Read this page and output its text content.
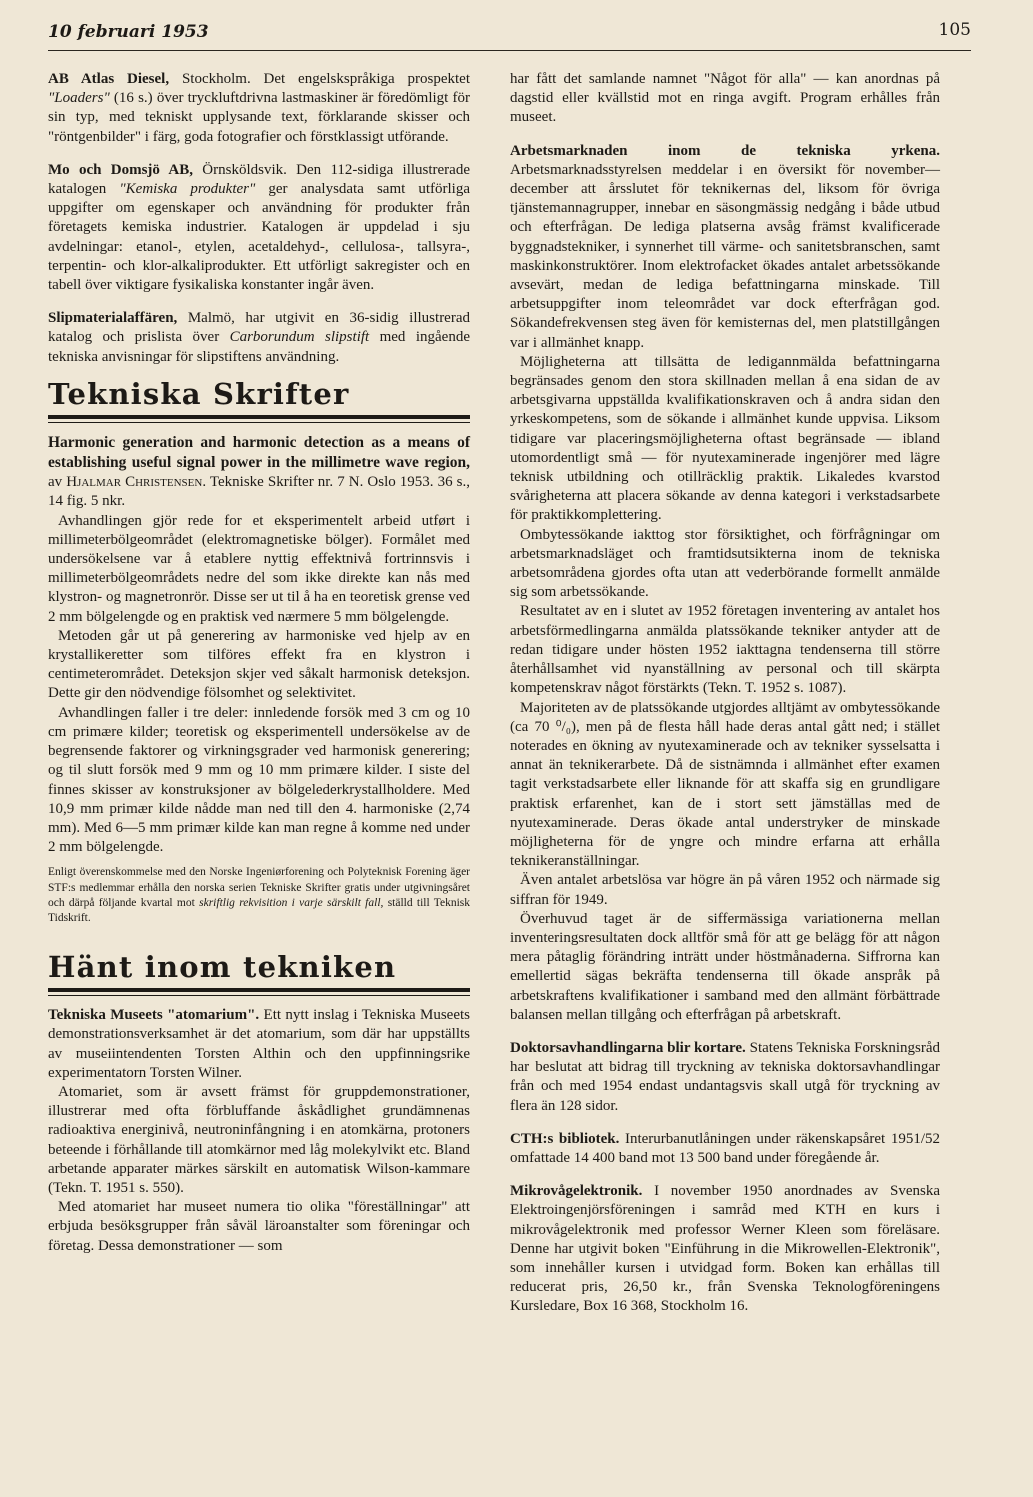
10 februari 1953	105

AB Atlas Diesel, Stockholm. Det engelskspråkiga prospektet "Loaders" (16 s.) över tryckluftdrivna lastmaskiner är föredömligt för sin typ, med tekniskt upplysande text, förklarande skisser och "röntgenbilder" i färg, goda fotografier och förstklassigt utförande.

Mo och Domsjö AB, Örnsköldsvik. Den 112-sidiga illustrerade katalogen "Kemiska produkter" ger analysdata samt utförliga uppgifter om egenskaper och användning för produkter från företagets kemiska industrier. Katalogen är uppdelad i sju avdelningar: etanol-, etylen, acetaldehyd-, cellulosa-, tallsyra-, terpentin- och klor-alkaliprodukter. Ett utförligt sakregister och en tabell över viktigare fysikaliska konstanter ingår även.

Slipmaterialaffären, Malmö, har utgivit en 36-sidig illustrerad katalog och prislista över Carborundum slipstift med ingående tekniska anvisningar för slipstiftens användning.

Tekniska Skrifter

Harmonic generation and harmonic detection as a means of establishing useful signal power in the millimetre wave region, av Hjalmar Christensen. Tekniske Skrifter nr. 7 N. Oslo 1953. 36 s., 14 fig. 5 nkr.

Avhandlingen gjör rede for et eksperimentelt arbeid utført i millimeterbölgeområdet (elektromagnetiske bölger). Formålet med undersökelsene var å etablere nyttig effektnivå fortrinnsvis i millimeterbölgeområdets nedre del som ikke direkte kan nås med klystron- og magnetronrör. Disse ser ut til å ha en teoretisk grense ved 2 mm bölgelengde og en praktisk ved nærmere 5 mm bölgelengde.

Metoden går ut på generering av harmoniske ved hjelp av en krystallikeretter som tilföres effekt fra en klystron i centimeterområdet. Deteksjon skjer ved såkalt harmonisk deteksjon. Dette gir den nödvendige fölsomhet og selektivitet.

Avhandlingen faller i tre deler: innledende forsök med 3 cm og 10 cm primære kilder; teoretisk og eksperimentell undersökelse av de begrensende faktorer og virkningsgrader ved harmonisk generering; og til slutt forsök med 9 mm og 10 mm primære kilder. I siste del finnes skisser av konstruksjoner av bölgelederkrystallholdere. Med 10,9 mm primær kilde nådde man ned till den 4. harmoniske (2,74 mm). Med 6—5 mm primær kilde kan man regne å komme ned under 2 mm bölgelengde.

Enligt överenskommelse med den Norske Ingeniørforening och Polyteknisk Forening äger STF:s medlemmar erhålla den norska serien Tekniske Skrifter gratis under utgivningsåret och därpå följande kvartal mot skriftlig rekvisition i varje särskilt fall, ställd till Teknisk Tidskrift.

Hänt inom tekniken

Tekniska Museets "atomarium". Ett nytt inslag i Tekniska Museets demonstrationsverksamhet är det atomarium, som där har uppställts av museiintendenten Torsten Althin och den uppfinningsrike experimentatorn Torsten Wilner.

Atomariet, som är avsett främst för gruppdemonstrationer, illustrerar med ofta förbluffande åskådlighet grundämnenas radioaktiva energinivå, neutroninfångning i en atomkärna, protoners beteende i förhållande till atomkärnor med låg molekylvikt etc. Bland arbetande apparater märkes särskilt en automatisk Wilson-kammare (Tekn. T. 1951 s. 550).

Med atomariet har museet numera tio olika "föreställningar" att erbjuda besöksgrupper från såväl läroanstalter som föreningar och företag. Dessa demonstrationer — som

har fått det samlande namnet "Något för alla" — kan anordnas på dagstid eller kvällstid mot en ringa avgift. Program erhålles från museet.

Arbetsmarknaden inom de tekniska yrkena. Arbetsmarknadsstyrelsen meddelar i en översikt för november—december att årsslutet för teknikernas del, liksom för övriga tjänstemannagrupper, innebar en säsongmässig nedgång i både utbud och efterfrågan. De lediga platserna avsåg främst kvalificerade byggnadstekniker, i synnerhet till värme- och sanitetsbranschen, samt maskinkonstruktörer. Inom elektrofacket ökades antalet arbetssökande avsevärt, medan de lediga befattningarna minskade. Till arbetsuppgifter inom teleområdet var dock efterfrågan god. Sökandefrekvensen steg även för kemisternas del, men platstillgången var i allmänhet knapp.

Möjligheterna att tillsätta de ledigannmälda befattningarna begränsades genom den stora skillnaden mellan å ena sidan de av arbetsgivarna uppställda kvalifikationskraven och å andra sidan den yrkeskompetens, som de sökande i allmänhet kunde uppvisa. Liksom tidigare var placeringsmöjligheterna oftast begränsade — ibland utomordentligt små — för nyutexaminerade ingenjörer med lägre teknisk utbildning och otillräcklig praktik. Likaledes kvarstod svårigheterna att placera sökande av denna kategori i verkstadsarbete för praktikkomplettering.

Ombytessökande iakttog stor försiktighet, och förfrågningar om arbetsmarknadsläget och framtidsutsikterna inom de tekniska arbetsområdena gjordes ofta utan att vederbörande formellt anmälde sig som arbetssökande.

Resultatet av en i slutet av 1952 företagen inventering av antalet hos arbetsförmedlingarna anmälda platssökande tekniker antyder att de redan tidigare under hösten 1952 iakttagna tendenserna till större återhållsamhet vid nyanställning av personal och till skärpta kompetenskrav något förstärkts (Tekn. T. 1952 s. 1087).

Majoriteten av de platssökande utgjordes alltjämt av ombytessökande (ca 70 ⁰/₀), men på de flesta håll hade deras antal gått ned; i stället noterades en ökning av nyutexaminerade och av tekniker sysselsatta i annat än teknikerarbete. Då de sistnämnda i allmänhet efter examen tagit verkstadsarbete eller liknande för att skaffa sig en grundligare praktisk erfarenhet, kan de i stort sett jämställas med de nyutexaminerade. Deras ökade antal understryker de minskade möjligheterna för de yngre och mindre erfarna att erhålla teknikeranställningar.

Även antalet arbetslösa var högre än på våren 1952 och närmade sig siffran för 1949.

Överhuvud taget är de siffermässiga variationerna mellan inventeringsresultaten dock alltför små för att ge belägg för att någon mera påtaglig förändring inträtt under höstmånaderna. Siffrorna kan emellertid sägas bekräfta tendenserna till ökade anspråk på arbetskraftens kvalifikationer i samband med den allmänt förbättrade balansen mellan tillgång och efterfrågan på arbetskraft.

Doktorsavhandlingarna blir kortare. Statens Tekniska Forskningsråd har beslutat att bidrag till tryckning av tekniska doktorsavhandlingar från och med 1954 endast undantagsvis skall utgå för tryckning av flera än 128 sidor.

CTH:s bibliotek. Interurbanutlåningen under räkenskapsåret 1951/52 omfattade 14 400 band mot 13 500 band under föregående år.

Mikrovågelektronik. I november 1950 anordnades av Svenska Elektroingenjörsföreningen i samråd med KTH en kurs i mikrovågelektronik med professor Werner Kleen som föreläsare. Denne har utgivit boken "Einführung in die Mikrowellen-Elektronik", som innehåller kursen i utvidgad form. Boken kan erhållas till reducerat pris, 26,50 kr., från Svenska Teknologföreningens Kursledare, Box 16 368, Stockholm 16.
